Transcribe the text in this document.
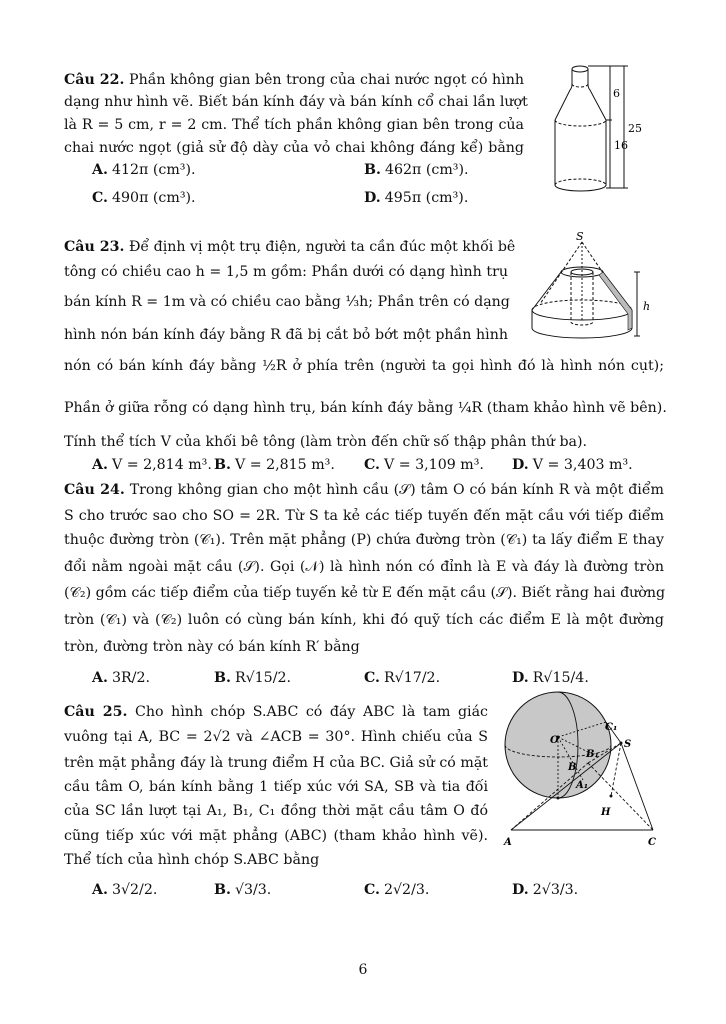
Câu 22. Phần không gian bên trong của chai nước ngọt có hình
dạng như hình vẽ. Biết bán kính đáy và bán kính cổ chai lần lượt
là R = 5 cm, r = 2 cm. Thể tích phần không gian bên trong của
chai nước ngọt (giả sử độ dày của vỏ chai không đáng kể) bằng
A. 412π (cm³).	B. 462π (cm³).
C. 490π (cm³).	D. 495π (cm³).
6
16
25
Câu 23. Để định vị một trụ điện, người ta cần đúc một khối bê
tông có chiều cao h = 1,5 m gồm: Phần dưới có dạng hình trụ
bán kính R = 1m và có chiều cao bằng ⅓h; Phần trên có dạng
hình nón bán kính đáy bằng R đã bị cắt bỏ bớt một phần hình
nón có bán kính đáy bằng ½R ở phía trên (người ta gọi hình đó là hình nón cụt);
Phần ở giữa rỗng có dạng hình trụ, bán kính đáy bằng ¼R (tham khảo hình vẽ bên).
Tính thể tích V của khối bê tông (làm tròn đến chữ số thập phân thứ ba).
A. V = 2,814 m³. B. V = 2,815 m³. C. V = 3,109 m³. D. V = 3,403 m³.
S
h
Câu 24. Trong không gian cho một hình cầu (𝒮) tâm O có bán kính R và một điểm
S cho trước sao cho SO = 2R. Từ S ta kẻ các tiếp tuyến đến mặt cầu với tiếp điểm
thuộc đường tròn (𝒞₁). Trên mặt phẳng (P) chứa đường tròn (𝒞₁) ta lấy điểm E thay
đổi nằm ngoài mặt cầu (𝒮). Gọi (𝒩) là hình nón có đỉnh là E và đáy là đường tròn
(𝒞₂) gồm các tiếp điểm của tiếp tuyến kẻ từ E đến mặt cầu (𝒮). Biết rằng hai đường
tròn (𝒞₁) và (𝒞₂) luôn có cùng bán kính, khi đó quỹ tích các điểm E là một đường
tròn, đường tròn này có bán kính R′ bằng
A. 3R/2.	B. R√15/2.	C. R√17/2.	D. R√15/4.
Câu 25. Cho hình chóp S.ABC có đáy ABC là tam giác
vuông tại A, BC = 2√2 và ∠ACB = 30°. Hình chiếu của S
trên mặt phẳng đáy là trung điểm H của BC. Giả sử có mặt
cầu tâm O, bán kính bằng 1 tiếp xúc với SA, SB và tia đối
của SC lần lượt tại A₁, B₁, C₁ đồng thời mặt cầu tâm O đó
cũng tiếp xúc với mặt phẳng (ABC) (tham khảo hình vẽ).
Thể tích của hình chóp S.ABC bằng
A. 3√2/2.	B. √3/3.	C. 2√2/3.	D. 2√3/3.
O	S
C₁
B₁
B
A₁
H
A	C
6
